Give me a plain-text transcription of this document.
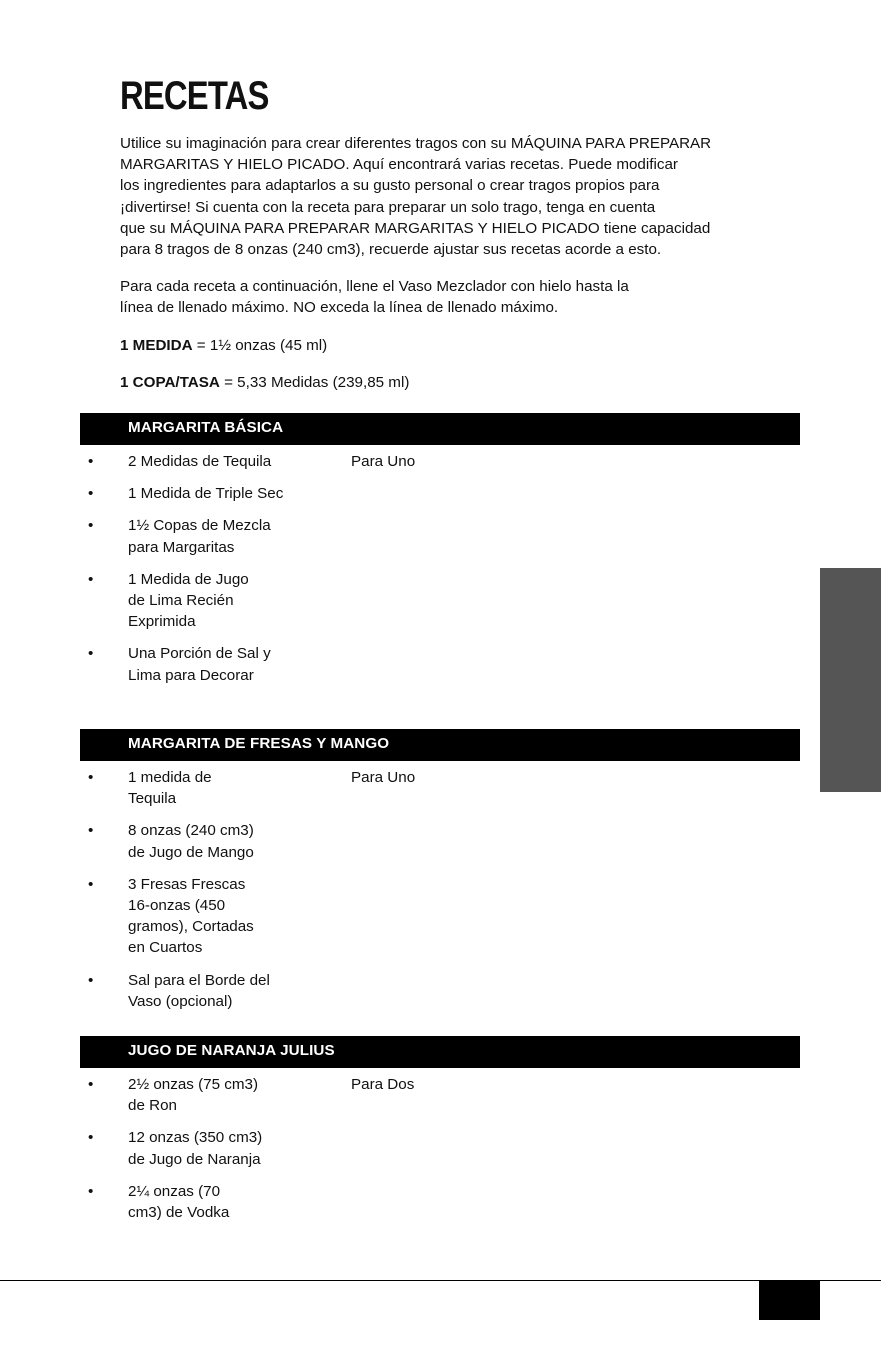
RECETAS

Utilice su imaginación para crear diferentes tragos con su MÁQUINA PARA PREPARAR
MARGARITAS Y HIELO PICADO. Aquí encontrará varias recetas. Puede modificar
los ingredientes para adaptarlos a su gusto personal o crear tragos propios para
¡divertirse! Si cuenta con la receta para preparar un solo trago, tenga en cuenta
que su MÁQUINA PARA PREPARAR MARGARITAS Y HIELO PICADO tiene capacidad
para 8 tragos de 8 onzas (240 cm3), recuerde ajustar sus recetas acorde a esto.

Para cada receta a continuación, llene el Vaso Mezclador con hielo hasta la
línea de llenado máximo. NO exceda la línea de llenado máximo.

1 MEDIDA = 1½ onzas (45 ml)

1 COPA/TASA = 5,33 Medidas (239,85 ml)

MARGARITA BÁSICA
Para Uno
• 2 Medidas de Tequila
• 1 Medida de Triple Sec
• 1½ Copas de Mezcla
para Margaritas
• 1 Medida de Jugo
de Lima Recién
Exprimida
• Una Porción de Sal y
Lima para Decorar
MARGARITA DE FRESAS Y MANGO
Para Uno
• 1 medida de
Tequila
• 8 onzas (240 cm3)
de Jugo de Mango
• 3 Fresas Frescas
16-onzas (450
gramos), Cortadas
en Cuartos
• Sal para el Borde del
Vaso (opcional)
JUGO DE NARANJA JULIUS
Para Dos
• 2½ onzas (75 cm3)
de Ron
• 12 onzas (350 cm3)
de Jugo de Naranja
• 2¼ onzas (70
cm3) de Vodka
